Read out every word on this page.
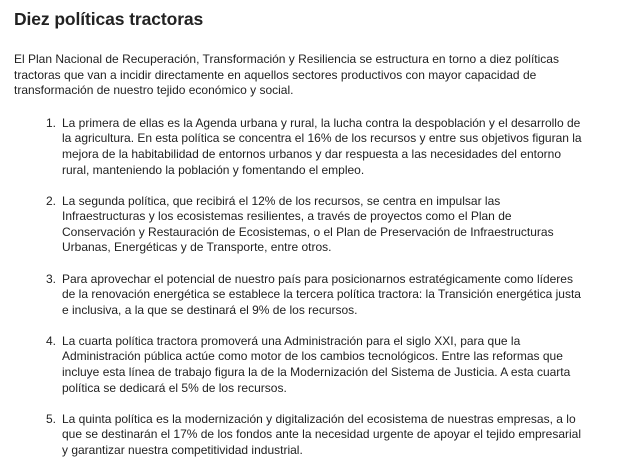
Diez políticas tractoras

El Plan Nacional de Recuperación, Transformación y Resiliencia se estructura en torno a diez políticas tractoras que van a incidir directamente en aquellos sectores productivos con mayor capacidad de transformación de nuestro tejido económico y social.

1. La primera de ellas es la Agenda urbana y rural, la lucha contra la despoblación y el desarrollo de la agricultura. En esta política se concentra el 16% de los recursos y entre sus objetivos figuran la mejora de la habitabilidad de entornos urbanos y dar respuesta a las necesidades del entorno rural, manteniendo la población y fomentando el empleo.
2. La segunda política, que recibirá el 12% de los recursos, se centra en impulsar las Infraestructuras y los ecosistemas resilientes, a través de proyectos como el Plan de Conservación y Restauración de Ecosistemas, o el Plan de Preservación de Infraestructuras Urbanas, Energéticas y de Transporte, entre otros.
3. Para aprovechar el potencial de nuestro país para posicionarnos estratégicamente como líderes de la renovación energética se establece la tercera política tractora: la Transición energética justa e inclusiva, a la que se destinará el 9% de los recursos.
4. La cuarta política tractora promoverá una Administración para el siglo XXI, para que la Administración pública actúe como motor de los cambios tecnológicos. Entre las reformas que incluye esta línea de trabajo figura la de la Modernización del Sistema de Justicia. A esta cuarta política se dedicará el 5% de los recursos.
5. La quinta política es la modernización y digitalización del ecosistema de nuestras empresas, a lo que se destinarán el 17% de los fondos ante la necesidad urgente de apoyar el tejido empresarial y garantizar nuestra competitividad industrial.
